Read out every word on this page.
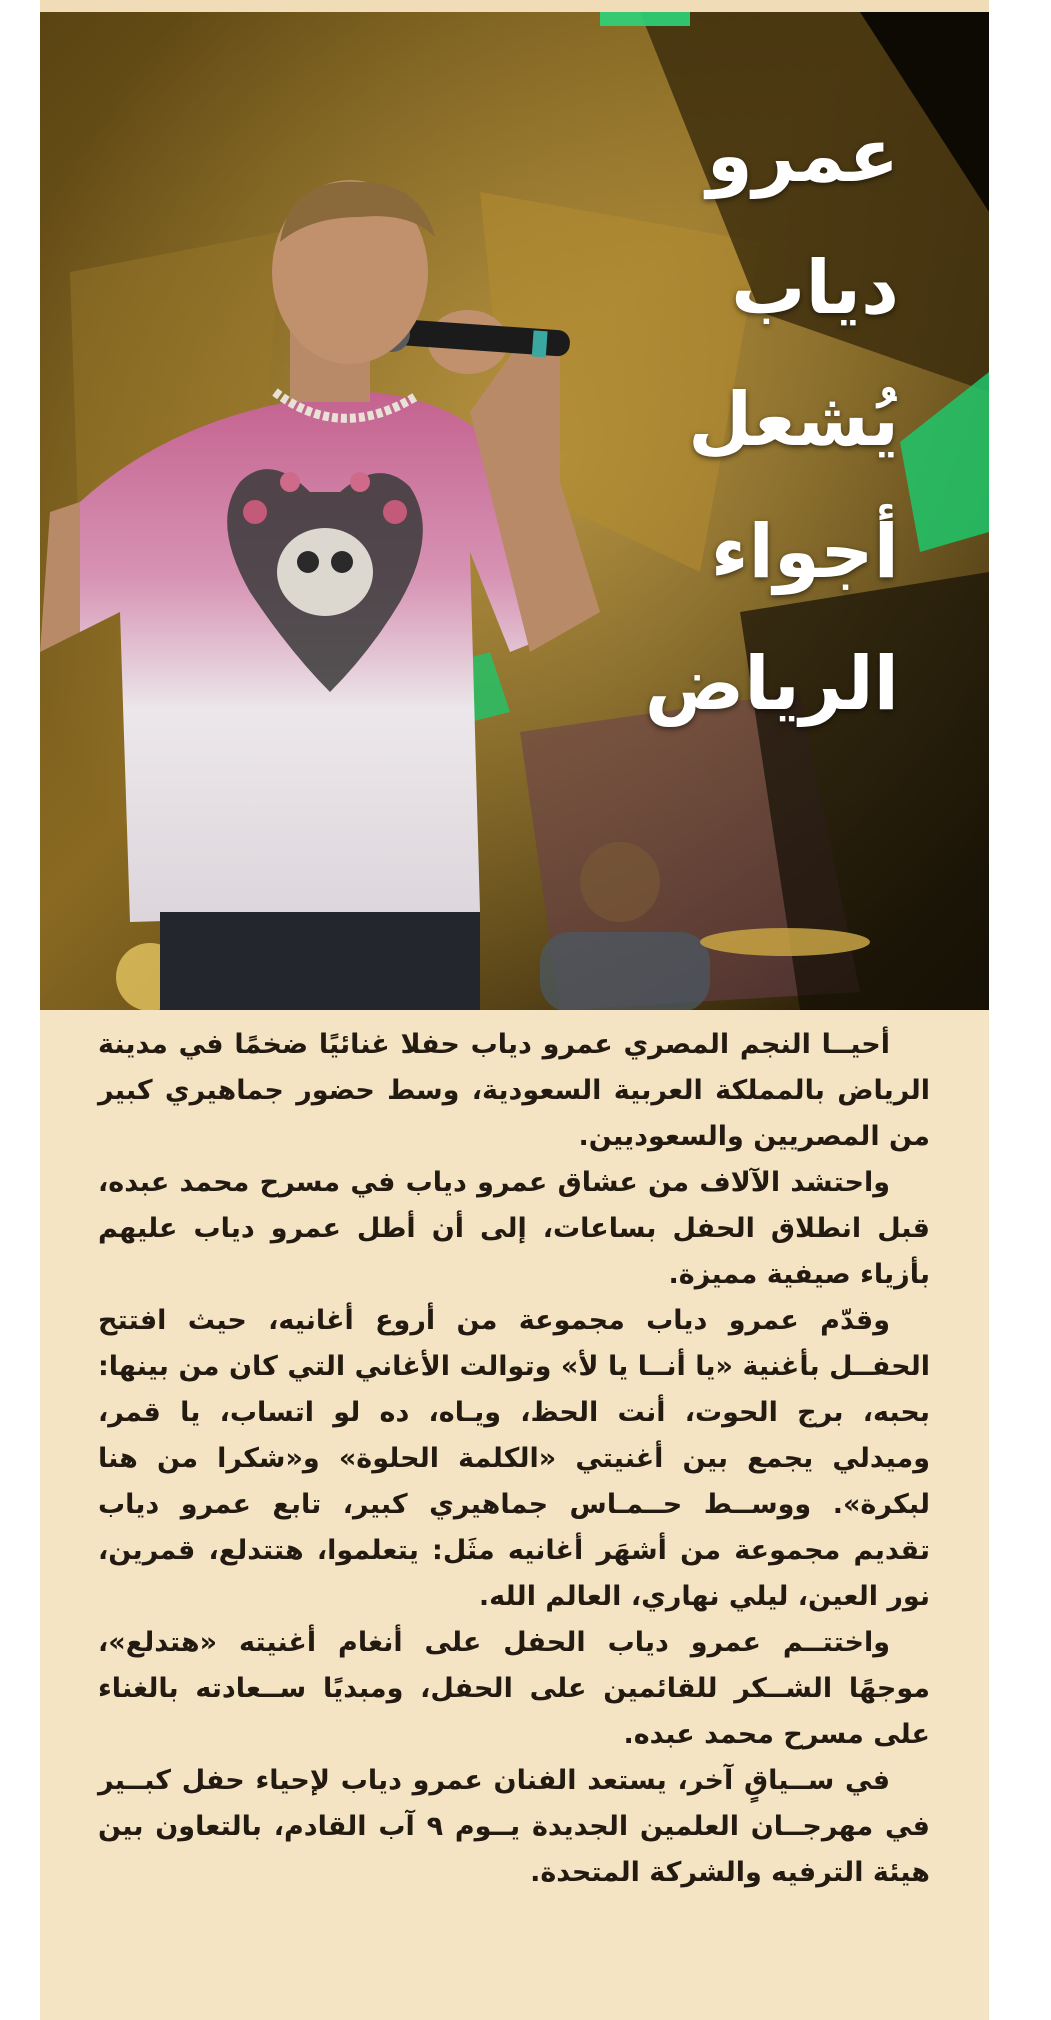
عمرو دياب
يُشعل
أجواء
الرياض

أحيــا النجم المصري عمرو دياب حفلا غنائيًا ضخمًا في مدينة الرياض بالمملكة العربية السعودية، وسط حضور جماهيري كبير من المصريين والسعوديين.

واحتشد الآلاف من عشاق عمرو دياب في مسرح محمد عبده، قبل انطلاق الحفل بساعات، إلى أن أطل عمرو دياب عليهم بأزياء صيفية مميزة.

وقدّم عمرو دياب مجموعة من أروع أغانيه، حيث افتتح الحفــل بأغنية «يا أنــا يا لأ» وتوالت الأغاني التي كان من بينها: بحبه، برج الحوت، أنت الحظ، ويـاه، ده لو اتساب، يا قمر، وميدلي يجمع بين أغنيتي «الكلمة الحلوة» و«شكرا من هنا لبكرة». ووســط حــمـاس جماهيري كبير، تابع عمرو دياب تقديم مجموعة من أشهَر أغانيه مثَل: يتعلموا، هتتدلع، قمرين، نور العين، ليلي نهاري، العالم الله.

واختتــم عمرو دياب الحفل على أنغام أغنيته «هتدلع»، موجهًا الشــكر للقائمين على الحفل، ومبديًا ســعادته بالغناء على مسرح محمد عبده.

في ســياقٍ آخر، يستعد الفنان عمرو دياب لإحياء حفل كبــير في مهرجــان العلمين الجديدة يــوم ٩ آب القادم، بالتعاون بين هيئة الترفيه والشركة المتحدة.
